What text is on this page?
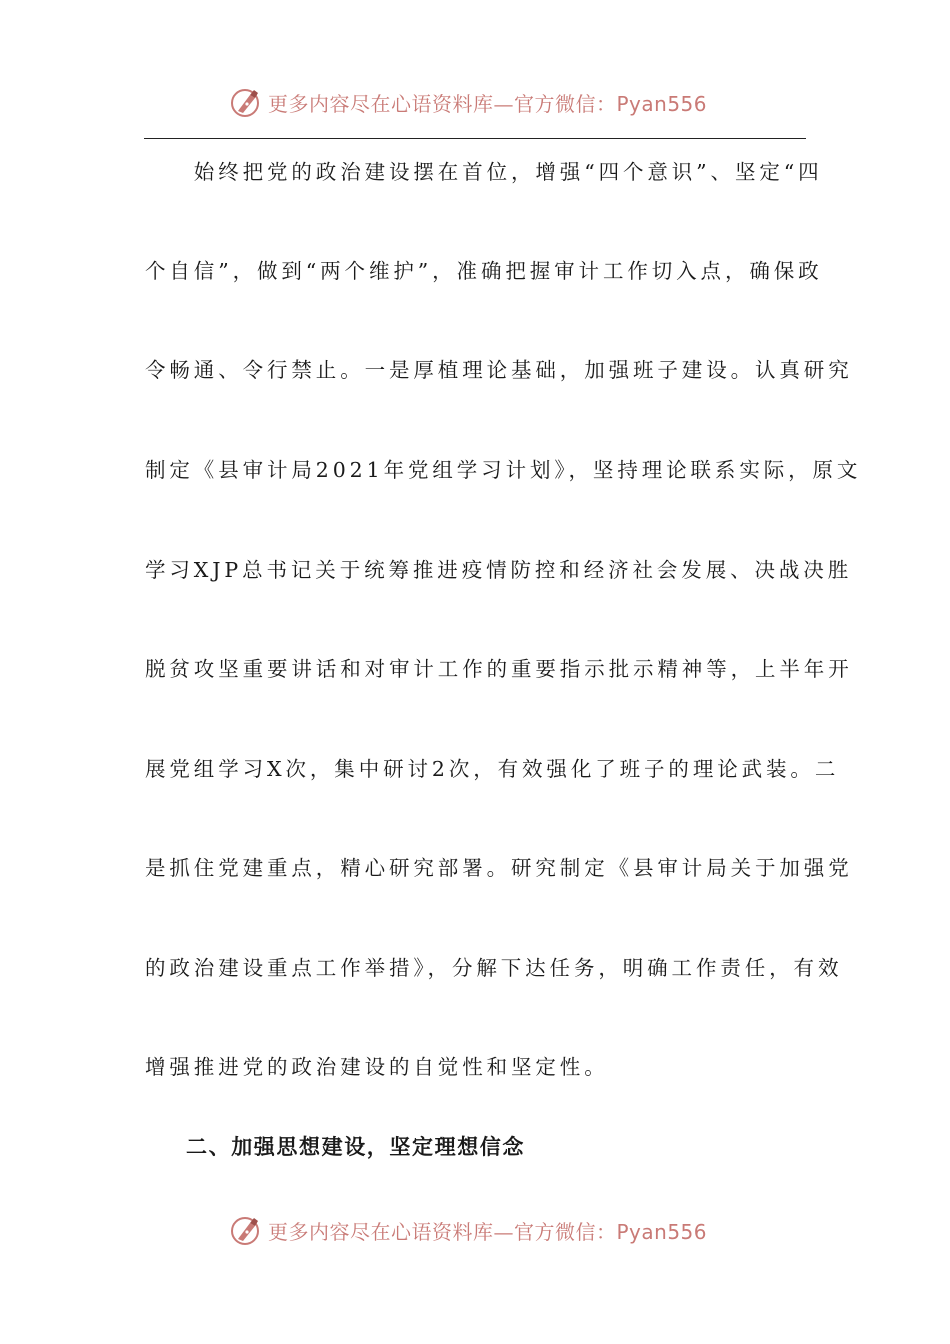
更多内容尽在心语资料库—官方微信：Pyan556
　　始终把党的政治建设摆在首位，增强“四个意识”、坚定“四
个自信”，做到“两个维护”，准确把握审计工作切入点，确保政
令畅通、令行禁止。一是厚植理论基础，加强班子建设。认真研究
制定《县审计局2021年党组学习计划》，坚持理论联系实际，原文
学习XJP总书记关于统筹推进疫情防控和经济社会发展、决战决胜
脱贫攻坚重要讲话和对审计工作的重要指示批示精神等，上半年开
展党组学习X次，集中研讨2次，有效强化了班子的理论武装。二
是抓住党建重点，精心研究部署。研究制定《县审计局关于加强党
的政治建设重点工作举措》，分解下达任务，明确工作责任，有效
增强推进党的政治建设的自觉性和坚定性。
二、加强思想建设，坚定理想信念
更多内容尽在心语资料库—官方微信：Pyan556
